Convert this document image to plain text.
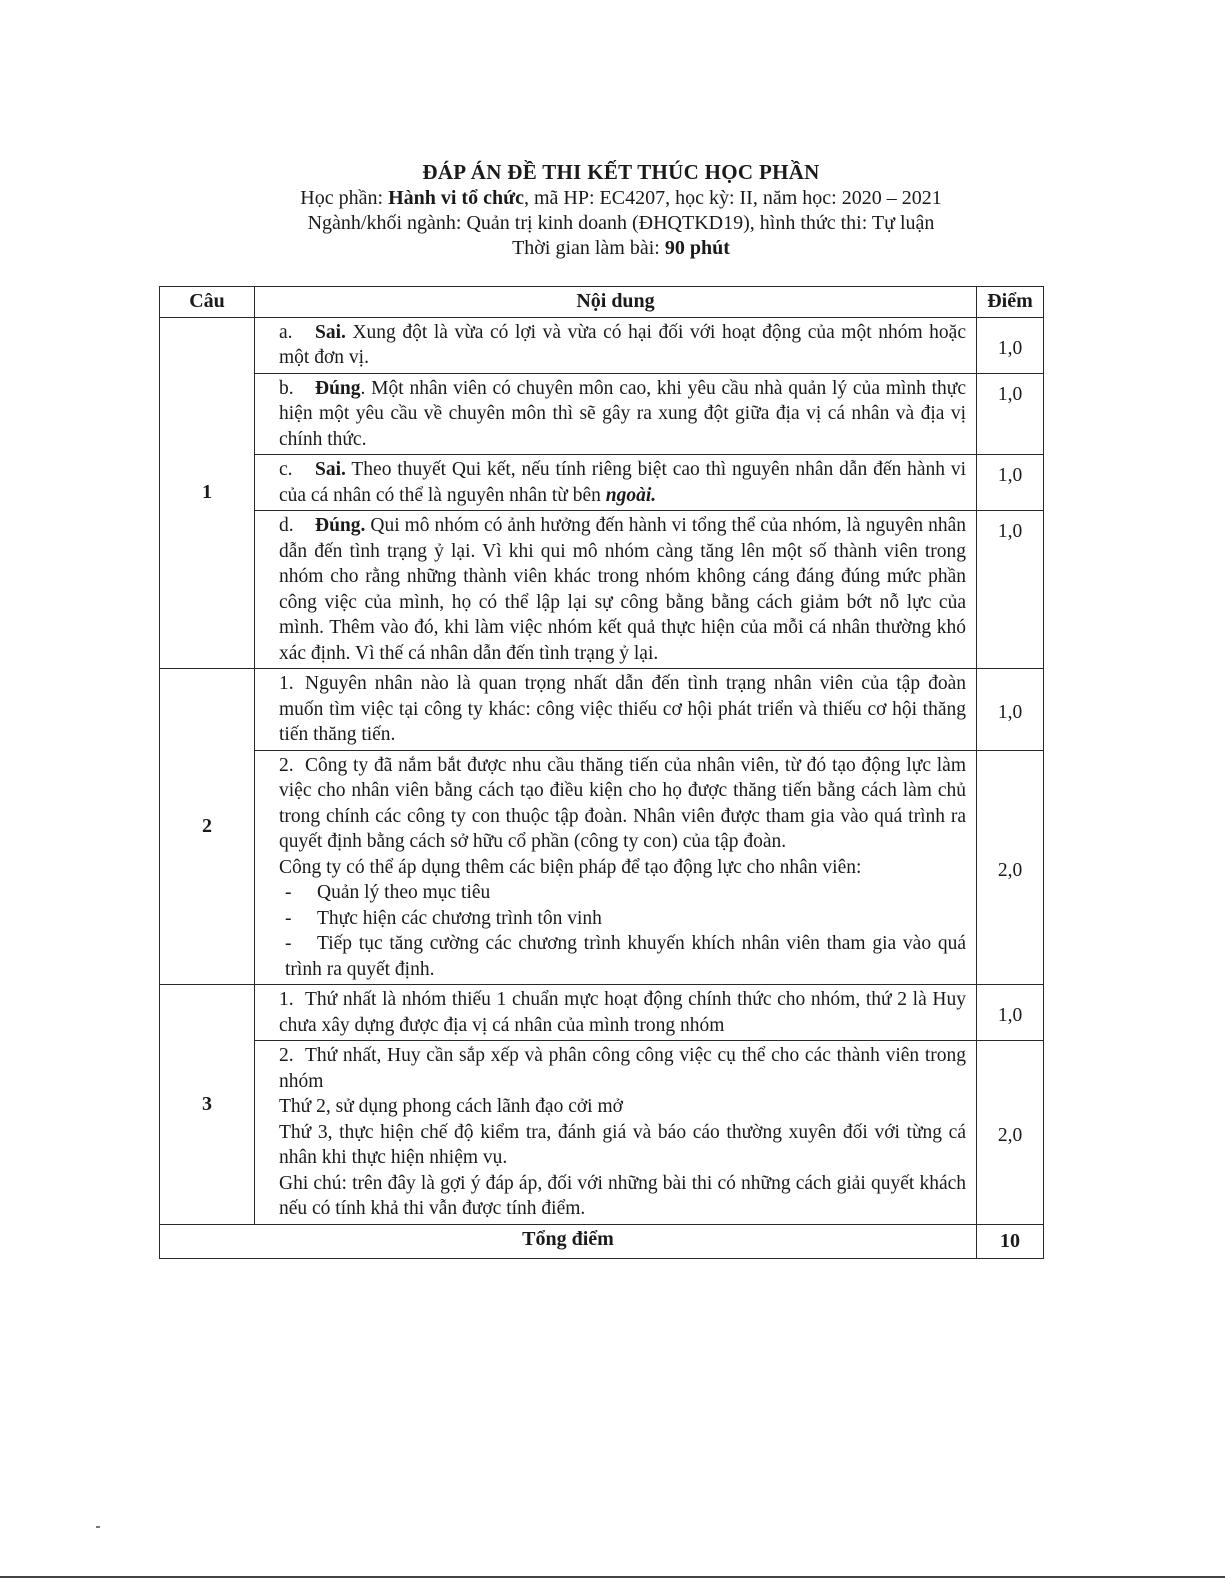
ĐÁP ÁN ĐỀ THI KẾT THÚC HỌC PHẦN
Học phần: Hành vi tổ chức, mã HP: EC4207, học kỳ: II, năm học: 2020 – 2021
Ngành/khối ngành: Quản trị kinh doanh (ĐHQTKD19), hình thức thi: Tự luận
Thời gian làm bài: 90 phút
Câu	Nội dung	Điểm
1	a. Sai. Xung đột là vừa có lợi và vừa có hại đối với hoạt động của một nhóm hoặc một đơn vị.	1,0
	b. Đúng. Một nhân viên có chuyên môn cao, khi yêu cầu nhà quản lý của mình thực hiện một yêu cầu về chuyên môn thì sẽ gây ra xung đột giữa địa vị cá nhân và địa vị chính thức.	1,0
	c. Sai. Theo thuyết Qui kết, nếu tính riêng biệt cao thì nguyên nhân dẫn đến hành vi của cá nhân có thể là nguyên nhân từ bên ngoài.	1,0
	d. Đúng. Qui mô nhóm có ảnh hưởng đến hành vi tổng thể của nhóm, là nguyên nhân dẫn đến tình trạng ỷ lại. Vì khi qui mô nhóm càng tăng lên một số thành viên trong nhóm cho rằng những thành viên khác trong nhóm không cáng đáng đúng mức phần công việc của mình, họ có thể lập lại sự công bằng bằng cách giảm bớt nỗ lực của mình. Thêm vào đó, khi làm việc nhóm kết quả thực hiện của mỗi cá nhân thường khó xác định. Vì thế cá nhân dẫn đến tình trạng ỷ lại.	1,0
2	1. Nguyên nhân nào là quan trọng nhất dẫn đến tình trạng nhân viên của tập đoàn muốn tìm việc tại công ty khác: công việc thiếu cơ hội phát triển và thiếu cơ hội thăng tiến thăng tiến.	1,0

	2. Công ty đã nắm bắt được nhu cầu thăng tiến của nhân viên, từ đó tạo động lực làm việc cho nhân viên bằng cách tạo điều kiện cho họ được thăng tiến bằng cách làm chủ trong chính các công ty con thuộc tập đoàn. Nhân viên được tham gia vào quá trình ra quyết định bằng cách sở hữu cổ phần (công ty con) của tập đoàn.
Công ty có thể áp dụng thêm các biện pháp để tạo động lực cho nhân viên:
- Quản lý theo mục tiêu
- Thực hiện các chương trình tôn vinh
- Tiếp tục tăng cường các chương trình khuyến khích nhân viên tham gia vào quá trình ra quyết định.	2,0
3	1. Thứ nhất là nhóm thiếu 1 chuẩn mực hoạt động chính thức cho nhóm, thứ 2 là Huy chưa xây dựng được địa vị cá nhân của mình trong nhóm	1,0

	2. Thứ nhất, Huy cần sắp xếp và phân công công việc cụ thể cho các thành viên trong nhóm
Thứ 2, sử dụng phong cách lãnh đạo cởi mở
Thứ 3, thực hiện chế độ kiểm tra, đánh giá và báo cáo thường xuyên đối với từng cá nhân khi thực hiện nhiệm vụ.
Ghi chú: trên đây là gợi ý đáp áp, đối với những bài thi có những cách giải quyết khách nếu có tính khả thi vẫn được tính điểm.	2,0
Tổng điểm		10
